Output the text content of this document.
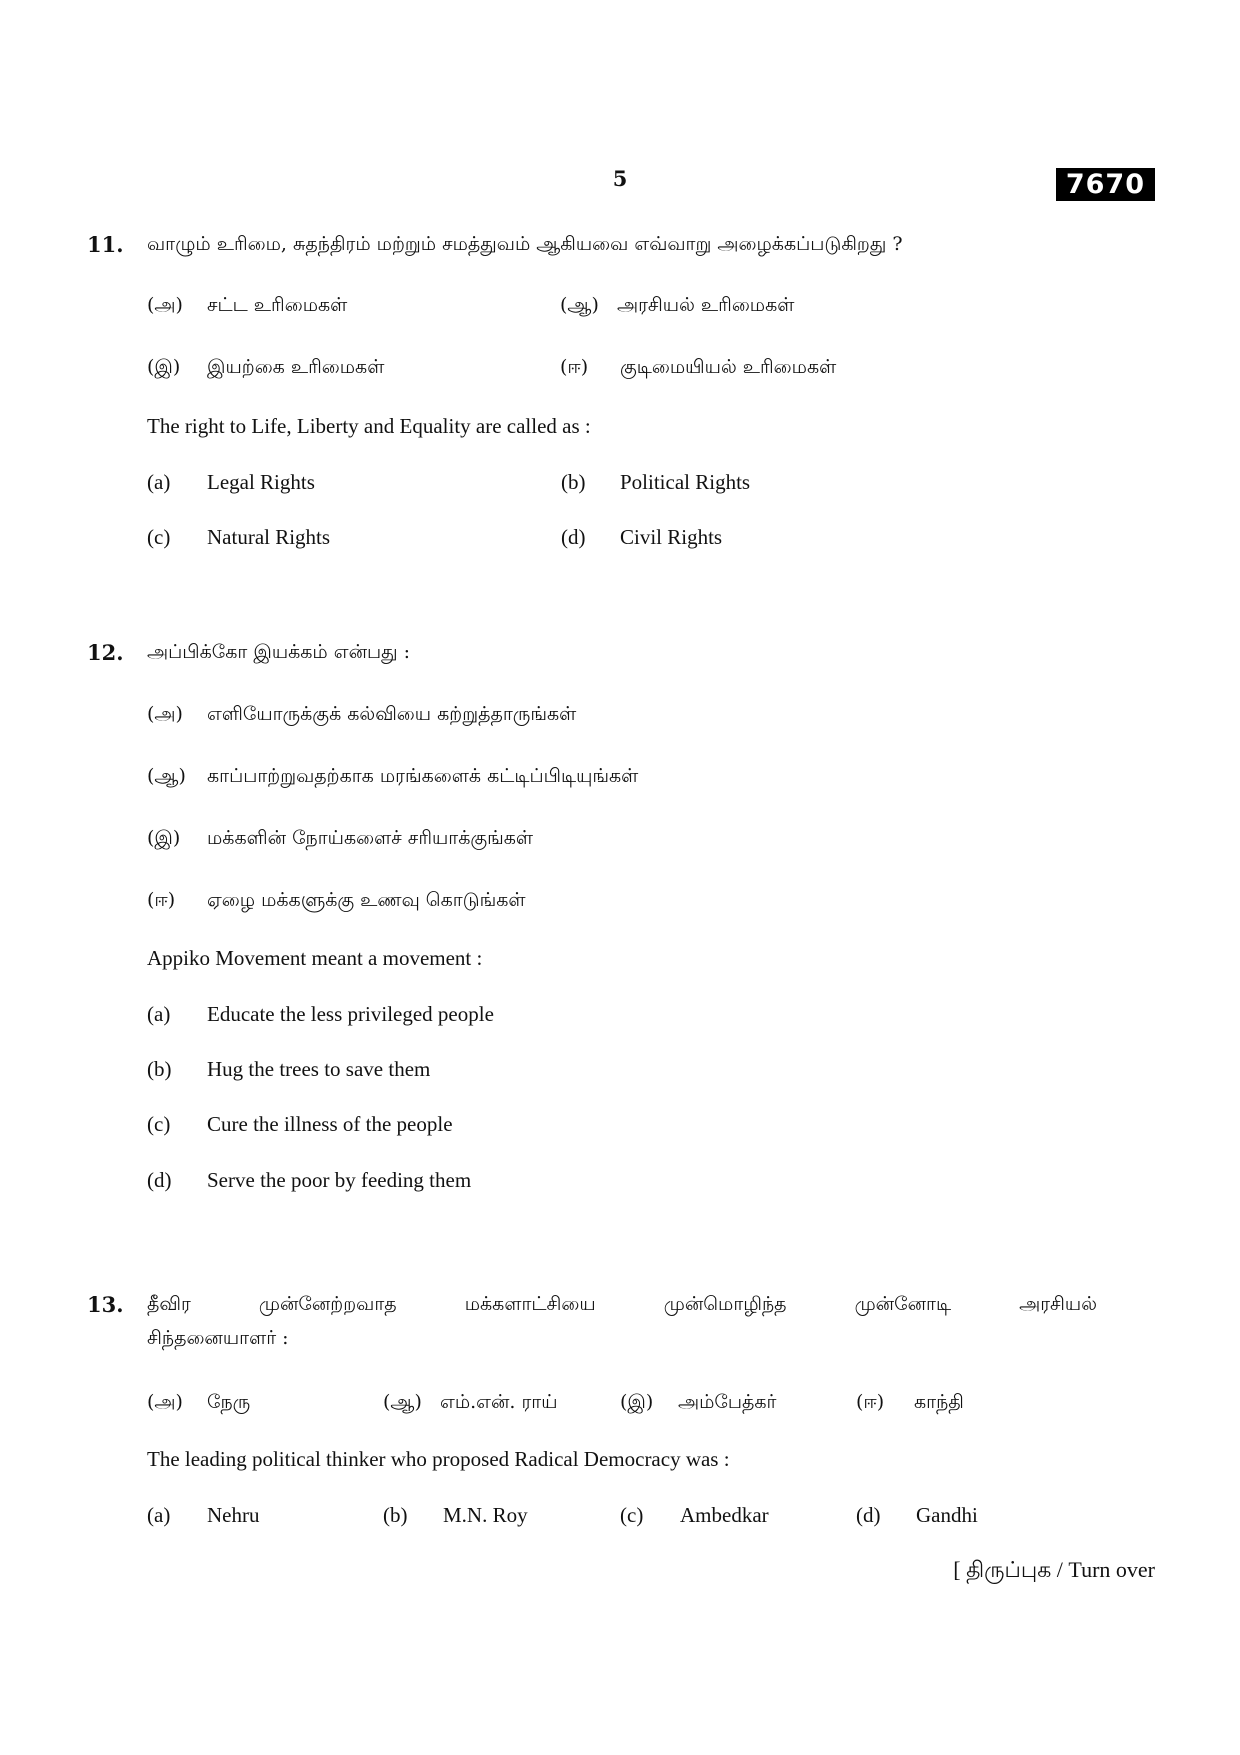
5	7670
11. வாழும் உரிமை, சுதந்திரம் மற்றும் சமத்துவம் ஆகியவை எவ்வாறு அழைக்கப்படுகிறது ?
(அ) சட்ட உரிமைகள்	(ஆ) அரசியல் உரிமைகள்
(இ) இயற்கை உரிமைகள்	(ஈ) குடிமையியல் உரிமைகள்
The right to Life, Liberty and Equality are called as :
(a) Legal Rights	(b) Political Rights
(c) Natural Rights	(d) Civil Rights
12. அப்பிக்கோ இயக்கம் என்பது :
(அ) எளியோருக்குக் கல்வியை கற்றுத்தாருங்கள்
(ஆ) காப்பாற்றுவதற்காக மரங்களைக் கட்டிப்பிடியுங்கள்
(இ) மக்களின் நோய்களைச் சரியாக்குங்கள்
(ஈ) ஏழை மக்களுக்கு உணவு கொடுங்கள்
Appiko Movement meant a movement :
(a) Educate the less privileged people
(b) Hug the trees to save them
(c) Cure the illness of the people
(d) Serve the poor by feeding them
13. தீவிர முன்னேற்றவாத மக்களாட்சியை முன்மொழிந்த முன்னோடி அரசியல்
சிந்தனையாளர் :
(அ) நேரு	(ஆ) எம்.என். ராய்	(இ) அம்பேத்கர்	(ஈ) காந்தி
The leading political thinker who proposed Radical Democracy was :
(a) Nehru	(b) M.N. Roy	(c) Ambedkar	(d) Gandhi
[ திருப்புக / Turn over
